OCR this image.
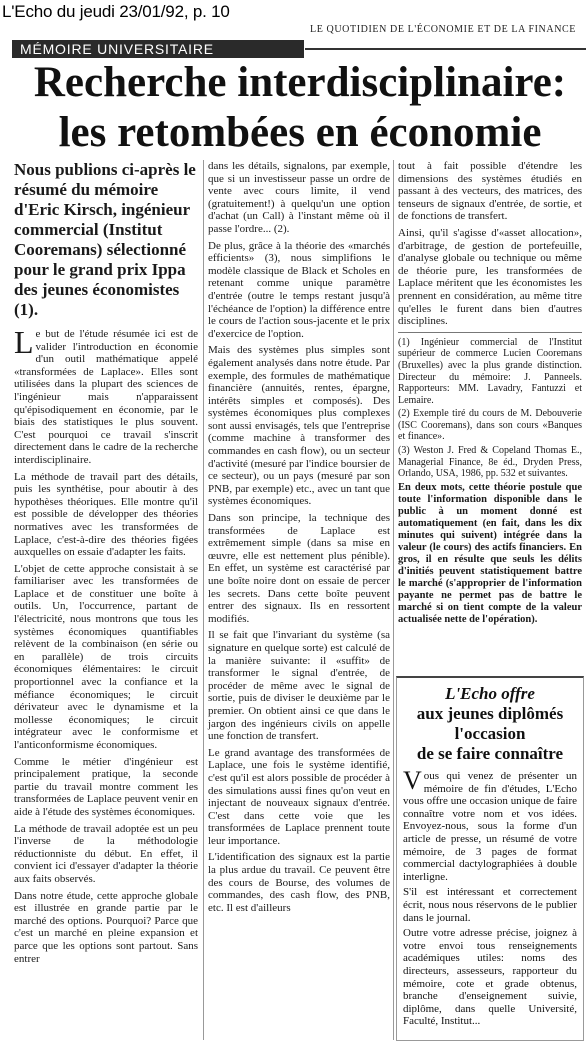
L'Echo du jeudi 23/01/92, p. 10
LE QUOTIDIEN DE L'ÉCONOMIE ET DE LA FINANCE
MÉMOIRE UNIVERSITAIRE
Recherche interdisciplinaire:
les retombées en économie

Nous publions ci-après le résumé du mémoire d'Eric Kirsch, ingénieur commercial (Institut Cooremans) sélectionné pour le grand prix Ippa des jeunes économistes (1).

Le but de l'étude résumée ici est de valider l'introduction en économie d'un outil mathématique appelé «transformées de Laplace». Elles sont utilisées dans la plupart des sciences de l'ingénieur mais n'apparaissent qu'épisodiquement en économie, par le biais des statistiques le plus souvent. C'est pourquoi ce travail s'inscrit directement dans le cadre de la recherche interdisciplinaire.

La méthode de travail part des détails, puis les synthétise, pour aboutir à des hypothèses théoriques. Elle montre qu'il est possible de développer des théories normatives avec les transformées de Laplace, c'est-à-dire des théories figées auxquelles on essaie d'adapter les faits.

L'objet de cette approche consistait à se familiariser avec les transformées de Laplace et de constituer une boîte à outils. Un, l'occurrence, partant de l'électricité, nous montrons que tous les systèmes économiques quantifiables relèvent de la combinaison (en série ou en parallèle) de trois circuits économiques élémentaires: le circuit proportionnel avec la confiance et la méfiance économiques; le circuit dérivateur avec le dynamisme et la mollesse économiques; le circuit intégrateur avec le conformisme et l'anticonformisme économiques.

Comme le métier d'ingénieur est principalement pratique, la seconde partie du travail montre comment les transformées de Laplace peuvent venir en aide à l'étude des systèmes économiques.

La méthode de travail adoptée est un peu l'inverse de la méthodologie réductionniste du début. En effet, il convient ici d'essayer d'adapter la théorie aux faits observés.

Dans notre étude, cette approche globale est illustrée en grande partie par le marché des options. Pourquoi? Parce que c'est un marché en pleine expansion et parce que les options sont partout. Sans entrer

dans les détails, signalons, par exemple, que si un investisseur passe un ordre de vente avec cours limite, il vend (gratuitement!) à quelqu'un une option d'achat (un Call) à l'instant même où il passe l'ordre... (2).

De plus, grâce à la théorie des «marchés efficients» (3), nous simplifions le modèle classique de Black et Scholes en retenant comme unique paramètre d'entrée (outre le temps restant jusqu'à l'échéance de l'option) la différence entre le cours de l'action sous-jacente et le prix d'exercice de l'option.

Mais des systèmes plus simples sont également analysés dans notre étude. Par exemple, des formules de mathématique financière (annuités, rentes, épargne, intérêts simples et composés). Des systèmes économiques plus complexes sont aussi envisagés, tels que l'entreprise (comme machine à transformer des commandes en cash flow), ou un secteur d'activité (mesuré par l'indice boursier de ce secteur), ou un pays (mesuré par son PNB, par exemple) etc., avec un tant que systèmes économiques.

Dans son principe, la technique des transformées de Laplace est extrêmement simple (dans sa mise en œuvre, elle est nettement plus pénible). En effet, un système est caractérisé par une boîte noire dont on essaie de percer les secrets. Dans cette boîte peuvent entrer des signaux. Ils en ressortent modifiés.

Il se fait que l'invariant du système (sa signature en quelque sorte) est calculé de la manière suivante: il «suffit» de transformer le signal d'entrée, de procéder de même avec le signal de sortie, puis de diviser le deuxième par le premier. On obtient ainsi ce que dans le jargon des ingénieurs civils on appelle une fonction de transfert.

Le grand avantage des transformées de Laplace, une fois le système identifié, c'est qu'il est alors possible de procéder à des simulations aussi fines qu'on veut en injectant de nouveaux signaux d'entrée. C'est dans cette voie que les transformées de Laplace prennent toute leur importance.

L'identification des signaux est la partie la plus ardue du travail. Ce peuvent être des cours de Bourse, des volumes de commandes, des cash flow, des PNB, etc. Il est d'ailleurs

tout à fait possible d'étendre les dimensions des systèmes étudiés en passant à des vecteurs, des matrices, des tenseurs de signaux d'entrée, de sortie, et de fonctions de transfert.

Ainsi, qu'il s'agisse d'«asset allocation», d'arbitrage, de gestion de portefeuille, d'analyse globale ou technique ou même de théorie pure, les transformées de Laplace méritent que les économistes les prennent en considération, au même titre qu'elles le furent dans bien d'autres disciplines.

(1) Ingénieur commercial de l'Institut supérieur de commerce Lucien Cooremans (Bruxelles) avec la plus grande distinction. Directeur du mémoire: J. Panneels. Rapporteurs: MM. Lavadry, Fantuzzi et Lemaire.

(2) Exemple tiré du cours de M. Debouverie (ISC Cooremans), dans son cours «Banques et finance».

(3) Weston J. Fred & Copeland Thomas E., Managerial Finance, 8e éd., Dryden Press, Orlando, USA, 1986, pp. 532 et suivantes.

En deux mots, cette théorie postule que toute l'information disponible dans le public à un moment donné est automatiquement (en fait, dans les dix minutes qui suivent) intégrée dans la valeur (le cours) des actifs financiers. En gros, il en résulte que seuls les délits d'initiés peuvent statistiquement battre le marché (s'approprier de l'information payante ne permet pas de battre le marché si on tient compte de la valeur actualisée nette de l'opération).

L'Echo offre
aux jeunes diplômés
l'occasion
de se faire connaître

Vous qui venez de présenter un mémoire de fin d'études, L'Echo vous offre une occasion unique de faire connaître votre nom et vos idées. Envoyez-nous, sous la forme d'un article de presse, un résumé de votre mémoire, de 3 pages de format commercial dactylographiées à double interligne.

S'il est intéressant et correctement écrit, nous nous réservons de le publier dans le journal.

Outre votre adresse précise, joignez à votre envoi tous renseignements académiques utiles: noms des directeurs, assesseurs, rapporteur du mémoire, cote et grade obtenus, branche d'enseignement suivie, diplôme, dans quelle Université, Faculté, Institut...
